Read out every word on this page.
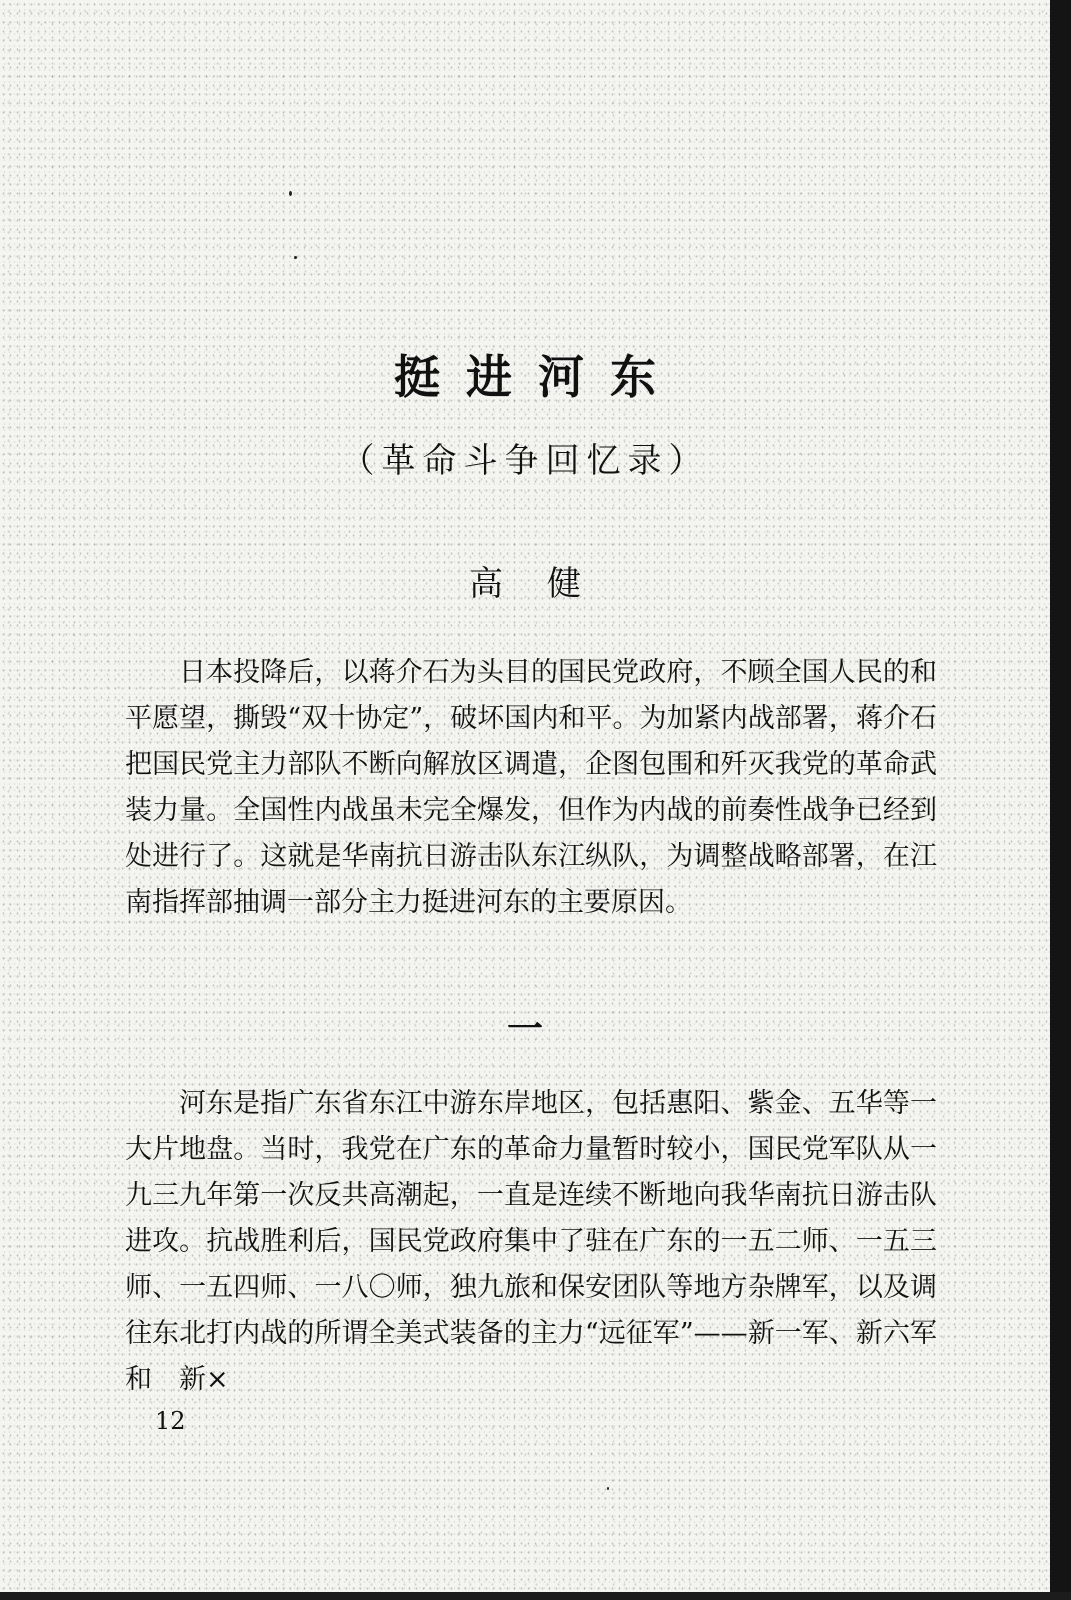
挺进河东
（革命斗争回忆录）
高健

日本投降后，以蒋介石为头目的国民党政府，不顾全国人民的和平愿望，撕毁“双十协定”，破坏国内和平。为加紧内战部署，蒋介石把国民党主力部队不断向解放区调遣，企图包围和歼灭我党的革命武装力量。全国性内战虽未完全爆发，但作为内战的前奏性战争已经到处进行了。这就是华南抗日游击队东江纵队，为调整战略部署，在江南指挥部抽调一部分主力挺进河东的主要原因。

一

河东是指广东省东江中游东岸地区，包括惠阳、紫金、五华等一大片地盘。当时，我党在广东的革命力量暂时较小，国民党军队从一九三九年第一次反共高潮起，一直是连续不断地向我华南抗日游击队进攻。抗战胜利后，国民党政府集中了驻在广东的一五二师、一五三师、一五四师、一八〇师，独九旅和保安团队等地方杂牌军，以及调往东北打内战的所谓全美式装备的主力“远征军”——新一军、新六军和　新×

12
